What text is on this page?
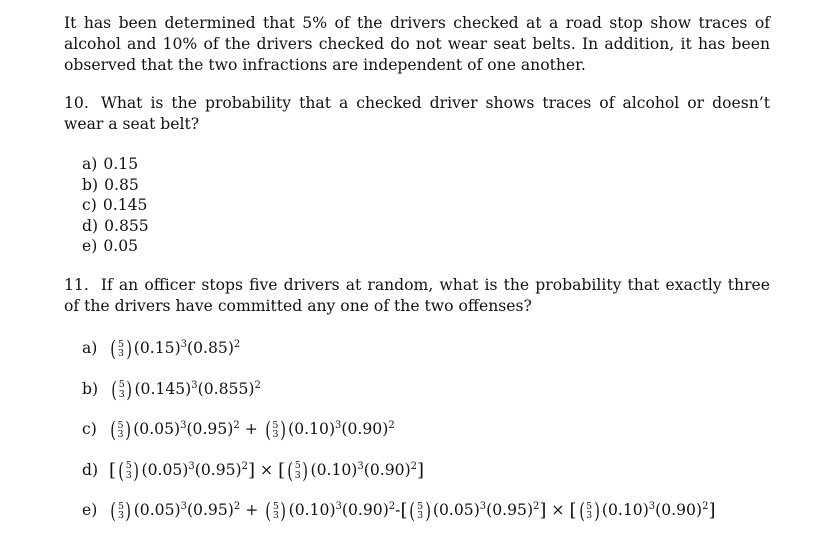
It has been determined that 5% of the drivers checked at a road stop show traces of alcohol and 10% of the drivers checked do not wear seat belts. In addition, it has been observed that the two infractions are independent of one another.

10. What is the probability that a checked driver shows traces of alcohol or doesn’t wear a seat belt?

a) 0.15
b) 0.85
c) 0.145
d) 0.855
e) 0.05

11. If an officer stops five drivers at random, what is the probability that exactly three of the drivers have committed any one of the two offenses?

a) ( 5
3 ) $(0.15)^3(0.85)^2$
b) ( 5
3 ) $(0.145)^3(0.855)^2$
c) ( 5
3 ) $(0.05)^3(0.95)^2$ + ( 5
3 ) $(0.10)^3(0.90)^2$
d) [ ( 5
3 ) $(0.05)^3(0.95)^2$] × [ ( 5
3 ) $(0.10)^3(0.90)^2$]
e) ( 5
3 ) $(0.05)^3(0.95)^2$ + ( 5
3 ) $(0.10)^3(0.90)^2-$[ ( 5
3 ) $(0.05)^3(0.95)^2$] × [ ( 5
3 ) $(0.10)^3(0.90)^2$]
